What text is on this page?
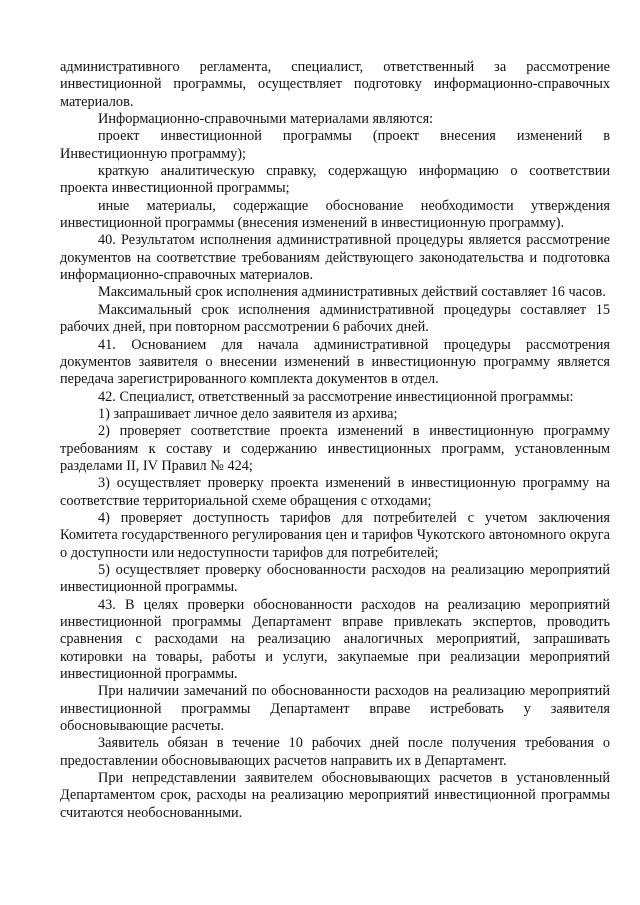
административного регламента, специалист, ответственный за рассмотрение инвестиционной программы, осуществляет подготовку информационно-справочных материалов.

Информационно-справочными материалами являются:

проект инвестиционной программы (проект внесения изменений в Инвестиционную программу);

краткую аналитическую справку, содержащую информацию о соответствии проекта инвестиционной программы;

иные материалы, содержащие обоснование необходимости утверждения инвестиционной программы (внесения изменений в инвестиционную программу).

40. Результатом исполнения административной процедуры является рассмотрение документов на соответствие требованиям действующего законодательства и подготовка информационно-справочных материалов.

Максимальный срок исполнения административных действий составляет 16 часов.

Максимальный срок исполнения административной процедуры составляет 15 рабочих дней, при повторном рассмотрении 6 рабочих дней.

41. Основанием для начала административной процедуры рассмотрения документов заявителя о внесении изменений в инвестиционную программу является передача зарегистрированного комплекта документов в отдел.

42. Специалист, ответственный за рассмотрение инвестиционной программы:

1) запрашивает личное дело заявителя из архива;

2) проверяет соответствие проекта изменений в инвестиционную программу требованиям к составу и содержанию инвестиционных программ, установленным разделами II, IV Правил № 424;

3) осуществляет проверку проекта изменений в инвестиционную программу на соответствие территориальной схеме обращения с отходами;

4) проверяет доступность тарифов для потребителей с учетом заключения Комитета государственного регулирования цен и тарифов Чукотского автономного округа о доступности или недоступности тарифов для потребителей;

5) осуществляет проверку обоснованности расходов на реализацию мероприятий инвестиционной программы.

43. В целях проверки обоснованности расходов на реализацию мероприятий инвестиционной программы Департамент вправе привлекать экспертов, проводить сравнения с расходами на реализацию аналогичных мероприятий, запрашивать котировки на товары, работы и услуги, закупаемые при реализации мероприятий инвестиционной программы.

При наличии замечаний по обоснованности расходов на реализацию мероприятий инвестиционной программы Департамент вправе истребовать у заявителя обосновывающие расчеты.

Заявитель обязан в течение 10 рабочих дней после получения требования о предоставлении обосновывающих расчетов направить их в Департамент.

При непредставлении заявителем обосновывающих расчетов в установленный Департаментом срок, расходы на реализацию мероприятий инвестиционной программы считаются необоснованными.
